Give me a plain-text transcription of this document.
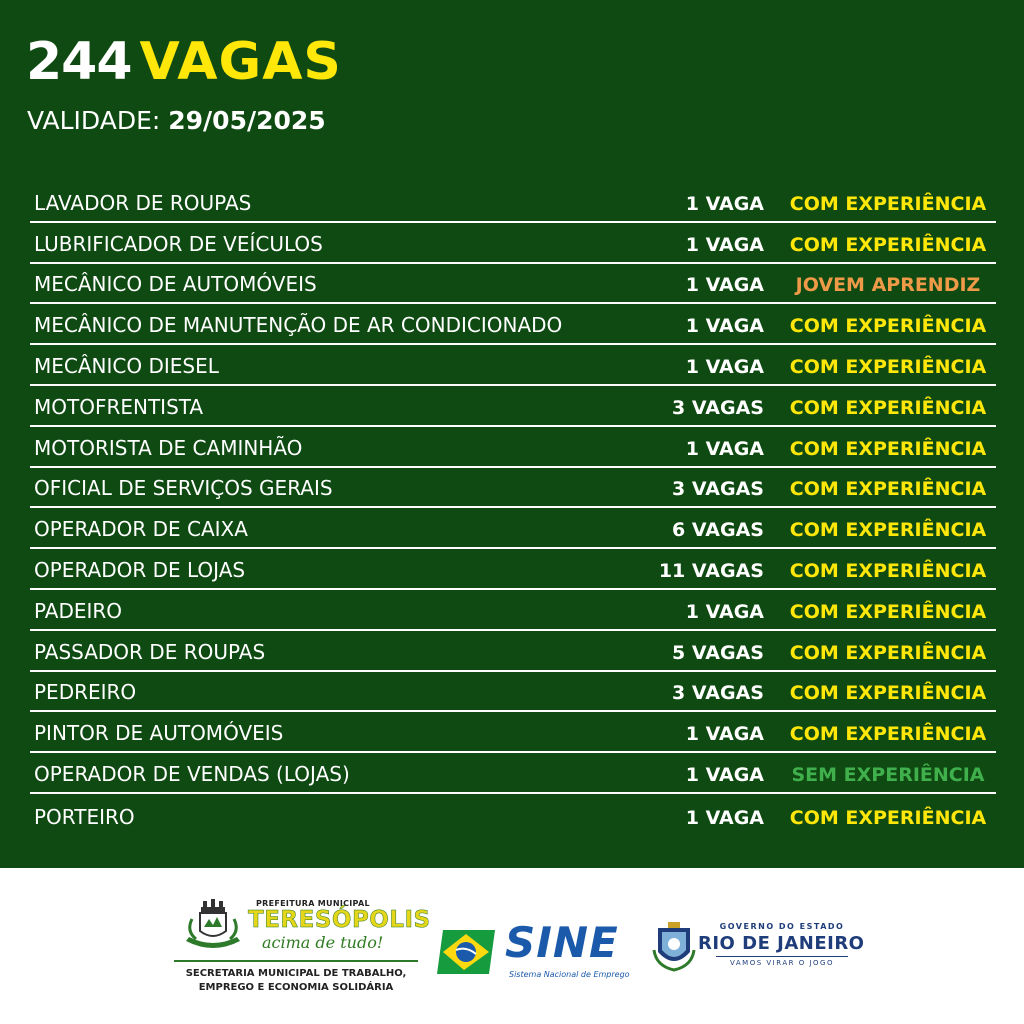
244 VAGAS
VALIDADE: 29/05/2025
LAVADOR DE ROUPAS	1 VAGA	COM EXPERIÊNCIA
LUBRIFICADOR DE VEÍCULOS	1 VAGA	COM EXPERIÊNCIA
MECÂNICO DE AUTOMÓVEIS	1 VAGA	JOVEM APRENDIZ
MECÂNICO DE MANUTENÇÃO DE AR CONDICIONADO	1 VAGA	COM EXPERIÊNCIA
MECÂNICO DIESEL	1 VAGA	COM EXPERIÊNCIA
MOTOFRENTISTA	3 VAGAS	COM EXPERIÊNCIA
MOTORISTA DE CAMINHÃO	1 VAGA	COM EXPERIÊNCIA
OFICIAL DE SERVIÇOS GERAIS	3 VAGAS	COM EXPERIÊNCIA
OPERADOR DE CAIXA	6 VAGAS	COM EXPERIÊNCIA
OPERADOR DE LOJAS	11 VAGAS	COM EXPERIÊNCIA
PADEIRO	1 VAGA	COM EXPERIÊNCIA
PASSADOR DE ROUPAS	5 VAGAS	COM EXPERIÊNCIA
PEDREIRO	3 VAGAS	COM EXPERIÊNCIA
PINTOR DE AUTOMÓVEIS	1 VAGA	COM EXPERIÊNCIA
OPERADOR DE VENDAS (LOJAS)	1 VAGA	SEM EXPERIÊNCIA
PORTEIRO	1 VAGA	COM EXPERIÊNCIA
PREFEITURA MUNICIPAL
TERESÓPOLIS
acima de tudo!
SECRETARIA MUNICIPAL DE TRABALHO,
EMPREGO E ECONOMIA SOLIDÁRIA
SINE
Sistema Nacional de Emprego
GOVERNO DO ESTADO
RIO DE JANEIRO
VAMOS VIRAR O JOGO
